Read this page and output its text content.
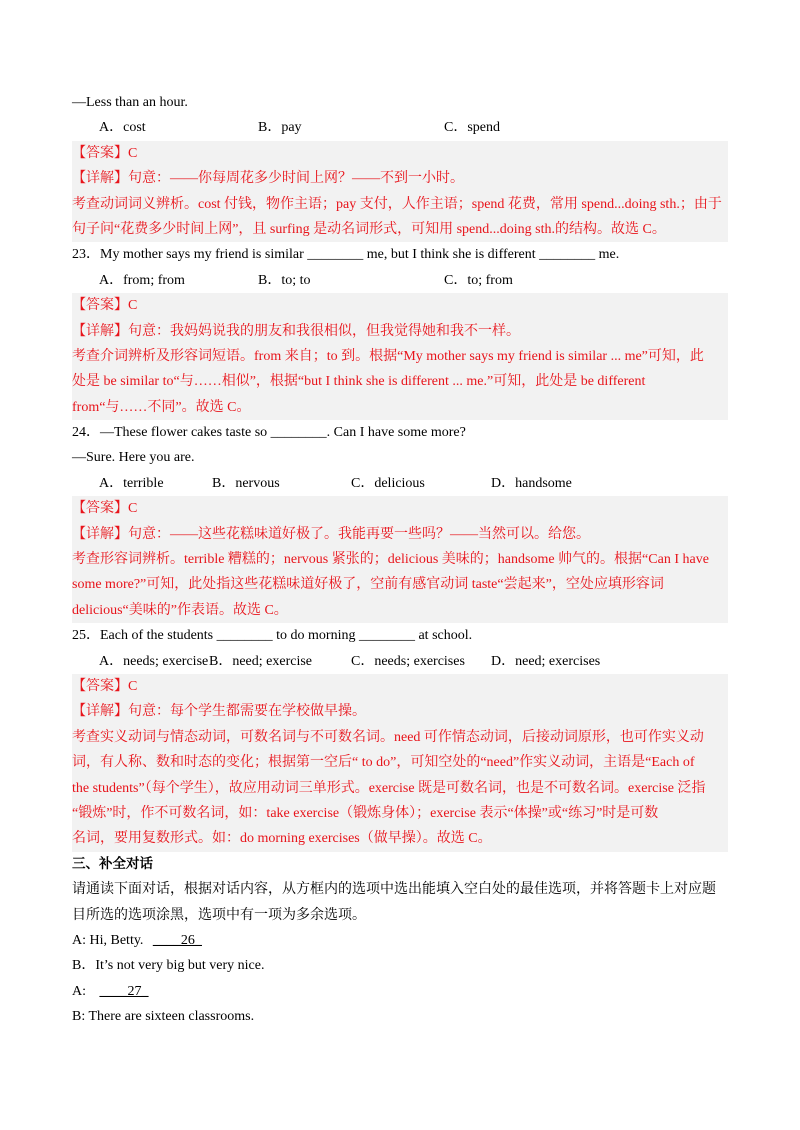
—Less than an hour.
A．cost	B．pay	C．spend
【答案】C
【详解】句意：——你每周花多少时间上网？——不到一小时。
考查动词词义辨析。cost 付钱，物作主语；pay 支付，人作主语；spend 花费，常用 spend...doing sth.；由于
句子问“花费多少时间上网”，且 surfing 是动名词形式，可知用 spend...doing sth.的结构。故选 C。
23．My mother says my friend is similar ________ me, but I think she is different ________ me.
A．from; from	B．to; to	C．to; from
【答案】C
【详解】句意：我妈妈说我的朋友和我很相似，但我觉得她和我不一样。
考查介词辨析及形容词短语。from 来自；to 到。根据“My mother says my friend is similar ... me”可知，此
处是 be similar to“与……相似”，根据“but I think she is different ... me.”可知，此处是 be different
from“与……不同”。故选 C。
24．—These flower cakes taste so ________. Can I have some more?
—Sure. Here you are.
A．terrible	B．nervous	C．delicious	D．handsome
【答案】C
【详解】句意：——这些花糕味道好极了。我能再要一些吗？——当然可以。给您。
考查形容词辨析。terrible 糟糕的；nervous 紧张的；delicious 美味的；handsome 帅气的。根据“Can I have
some more?”可知，此处指这些花糕味道好极了，空前有感官动词 taste“尝起来”，空处应填形容词
delicious“美味的”作表语。故选 C。
25．Each of the students ________ to do morning ________ at school.
A．needs; exercise B．need; exercise	C．needs; exercises D．need; exercises
【答案】C
【详解】句意：每个学生都需要在学校做早操。
考查实义动词与情态动词，可数名词与不可数名词。need 可作情态动词，后接动词原形，也可作实义动
词，有人称、数和时态的变化；根据第一空后“ to do”，可知空处的“need”作实义动词，主语是“Each of
the students”（每个学生），故应用动词三单形式。exercise 既是可数名词，也是不可数名词。exercise 泛指
“锻炼”时，作不可数名词，如：take exercise（锻炼身体）；exercise 表示“体操”或“练习”时是可数
名词，要用复数形式。如：do morning exercises（做早操）。故选 C。
三、补全对话
请通读下面对话，根据对话内容，从方框内的选项中选出能填入空白处的最佳选项，并将答题卡上对应题
目所选的选项涂黑，选项中有一项为多余选项。
A: Hi, Betty. ____26_
B．It’s not very big but very nice.
A: ____27_
B: There are sixteen classrooms.
